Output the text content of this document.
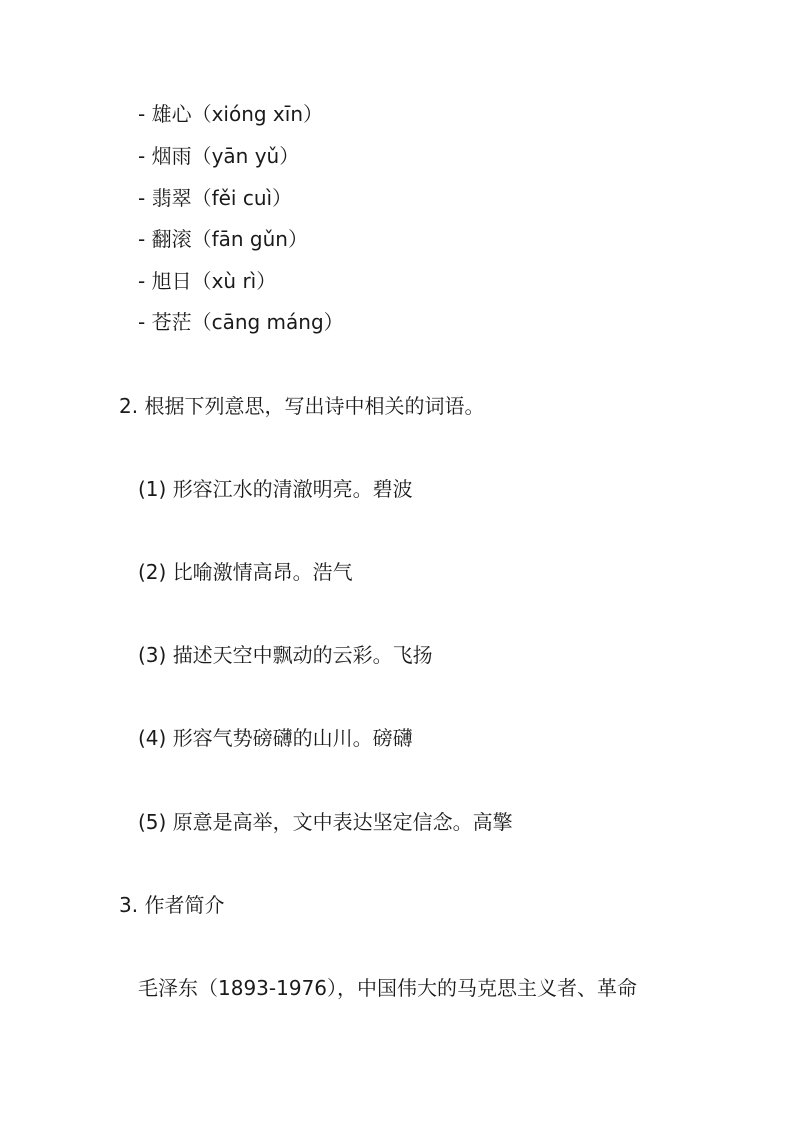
- 雄心（xióng xīn）
- 烟雨（yān yǔ）
- 翡翠（fěi cuì）
- 翻滚（fān gǔn）
- 旭日（xù rì）
- 苍茫（cāng máng）
2. 根据下列意思，写出诗中相关的词语。
(1) 形容江水的清澈明亮。碧波
(2) 比喻激情高昂。浩气
(3) 描述天空中飘动的云彩。飞扬
(4) 形容气势磅礴的山川。磅礴
(5) 原意是高举，文中表达坚定信念。高擎
3. 作者简介
毛泽东（1893-1976），中国伟大的马克思主义者、革命
